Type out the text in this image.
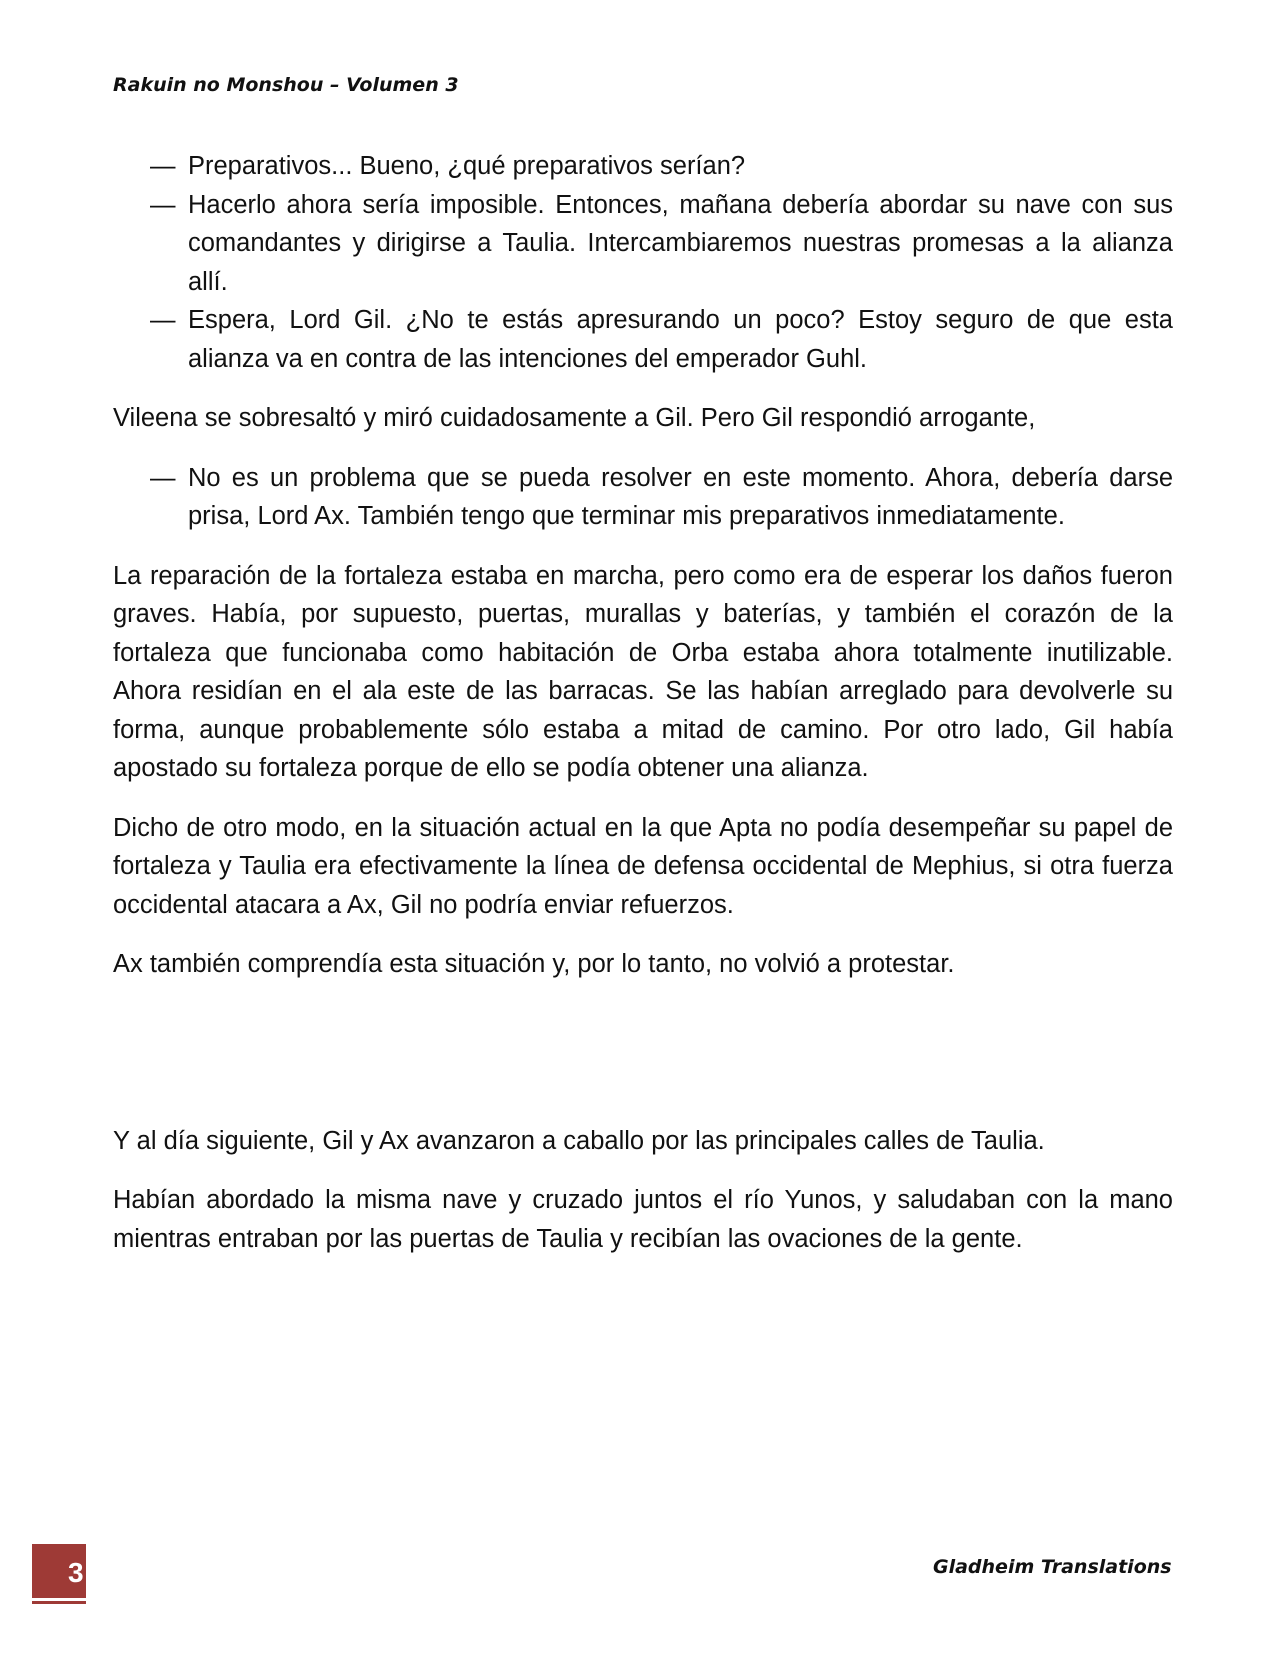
Rakuin no Monshou – Volumen 3
— Preparativos... Bueno, ¿qué preparativos serían?
— Hacerlo ahora sería imposible. Entonces, mañana debería abordar su nave con sus comandantes y dirigirse a Taulia. Intercambiaremos nuestras promesas a la alianza allí.
— Espera, Lord Gil. ¿No te estás apresurando un poco? Estoy seguro de que esta alianza va en contra de las intenciones del emperador Guhl.

Vileena se sobresaltó y miró cuidadosamente a Gil. Pero Gil respondió arrogante,

— No es un problema que se pueda resolver en este momento. Ahora, debería darse prisa, Lord Ax. También tengo que terminar mis preparativos inmediatamente.

La reparación de la fortaleza estaba en marcha, pero como era de esperar los daños fueron graves. Había, por supuesto, puertas, murallas y baterías, y también el corazón de la fortaleza que funcionaba como habitación de Orba estaba ahora totalmente inutilizable. Ahora residían en el ala este de las barracas. Se las habían arreglado para devolverle su forma, aunque probablemente sólo estaba a mitad de camino. Por otro lado, Gil había apostado su fortaleza porque de ello se podía obtener una alianza.

Dicho de otro modo, en la situación actual en la que Apta no podía desempeñar su papel de fortaleza y Taulia era efectivamente la línea de defensa occidental de Mephius, si otra fuerza occidental atacara a Ax, Gil no podría enviar refuerzos.

Ax también comprendía esta situación y, por lo tanto, no volvió a protestar.

Y al día siguiente, Gil y Ax avanzaron a caballo por las principales calles de Taulia.

Habían abordado la misma nave y cruzado juntos el río Yunos, y saludaban con la mano mientras entraban por las puertas de Taulia y recibían las ovaciones de la gente.

3	Gladheim Translations
